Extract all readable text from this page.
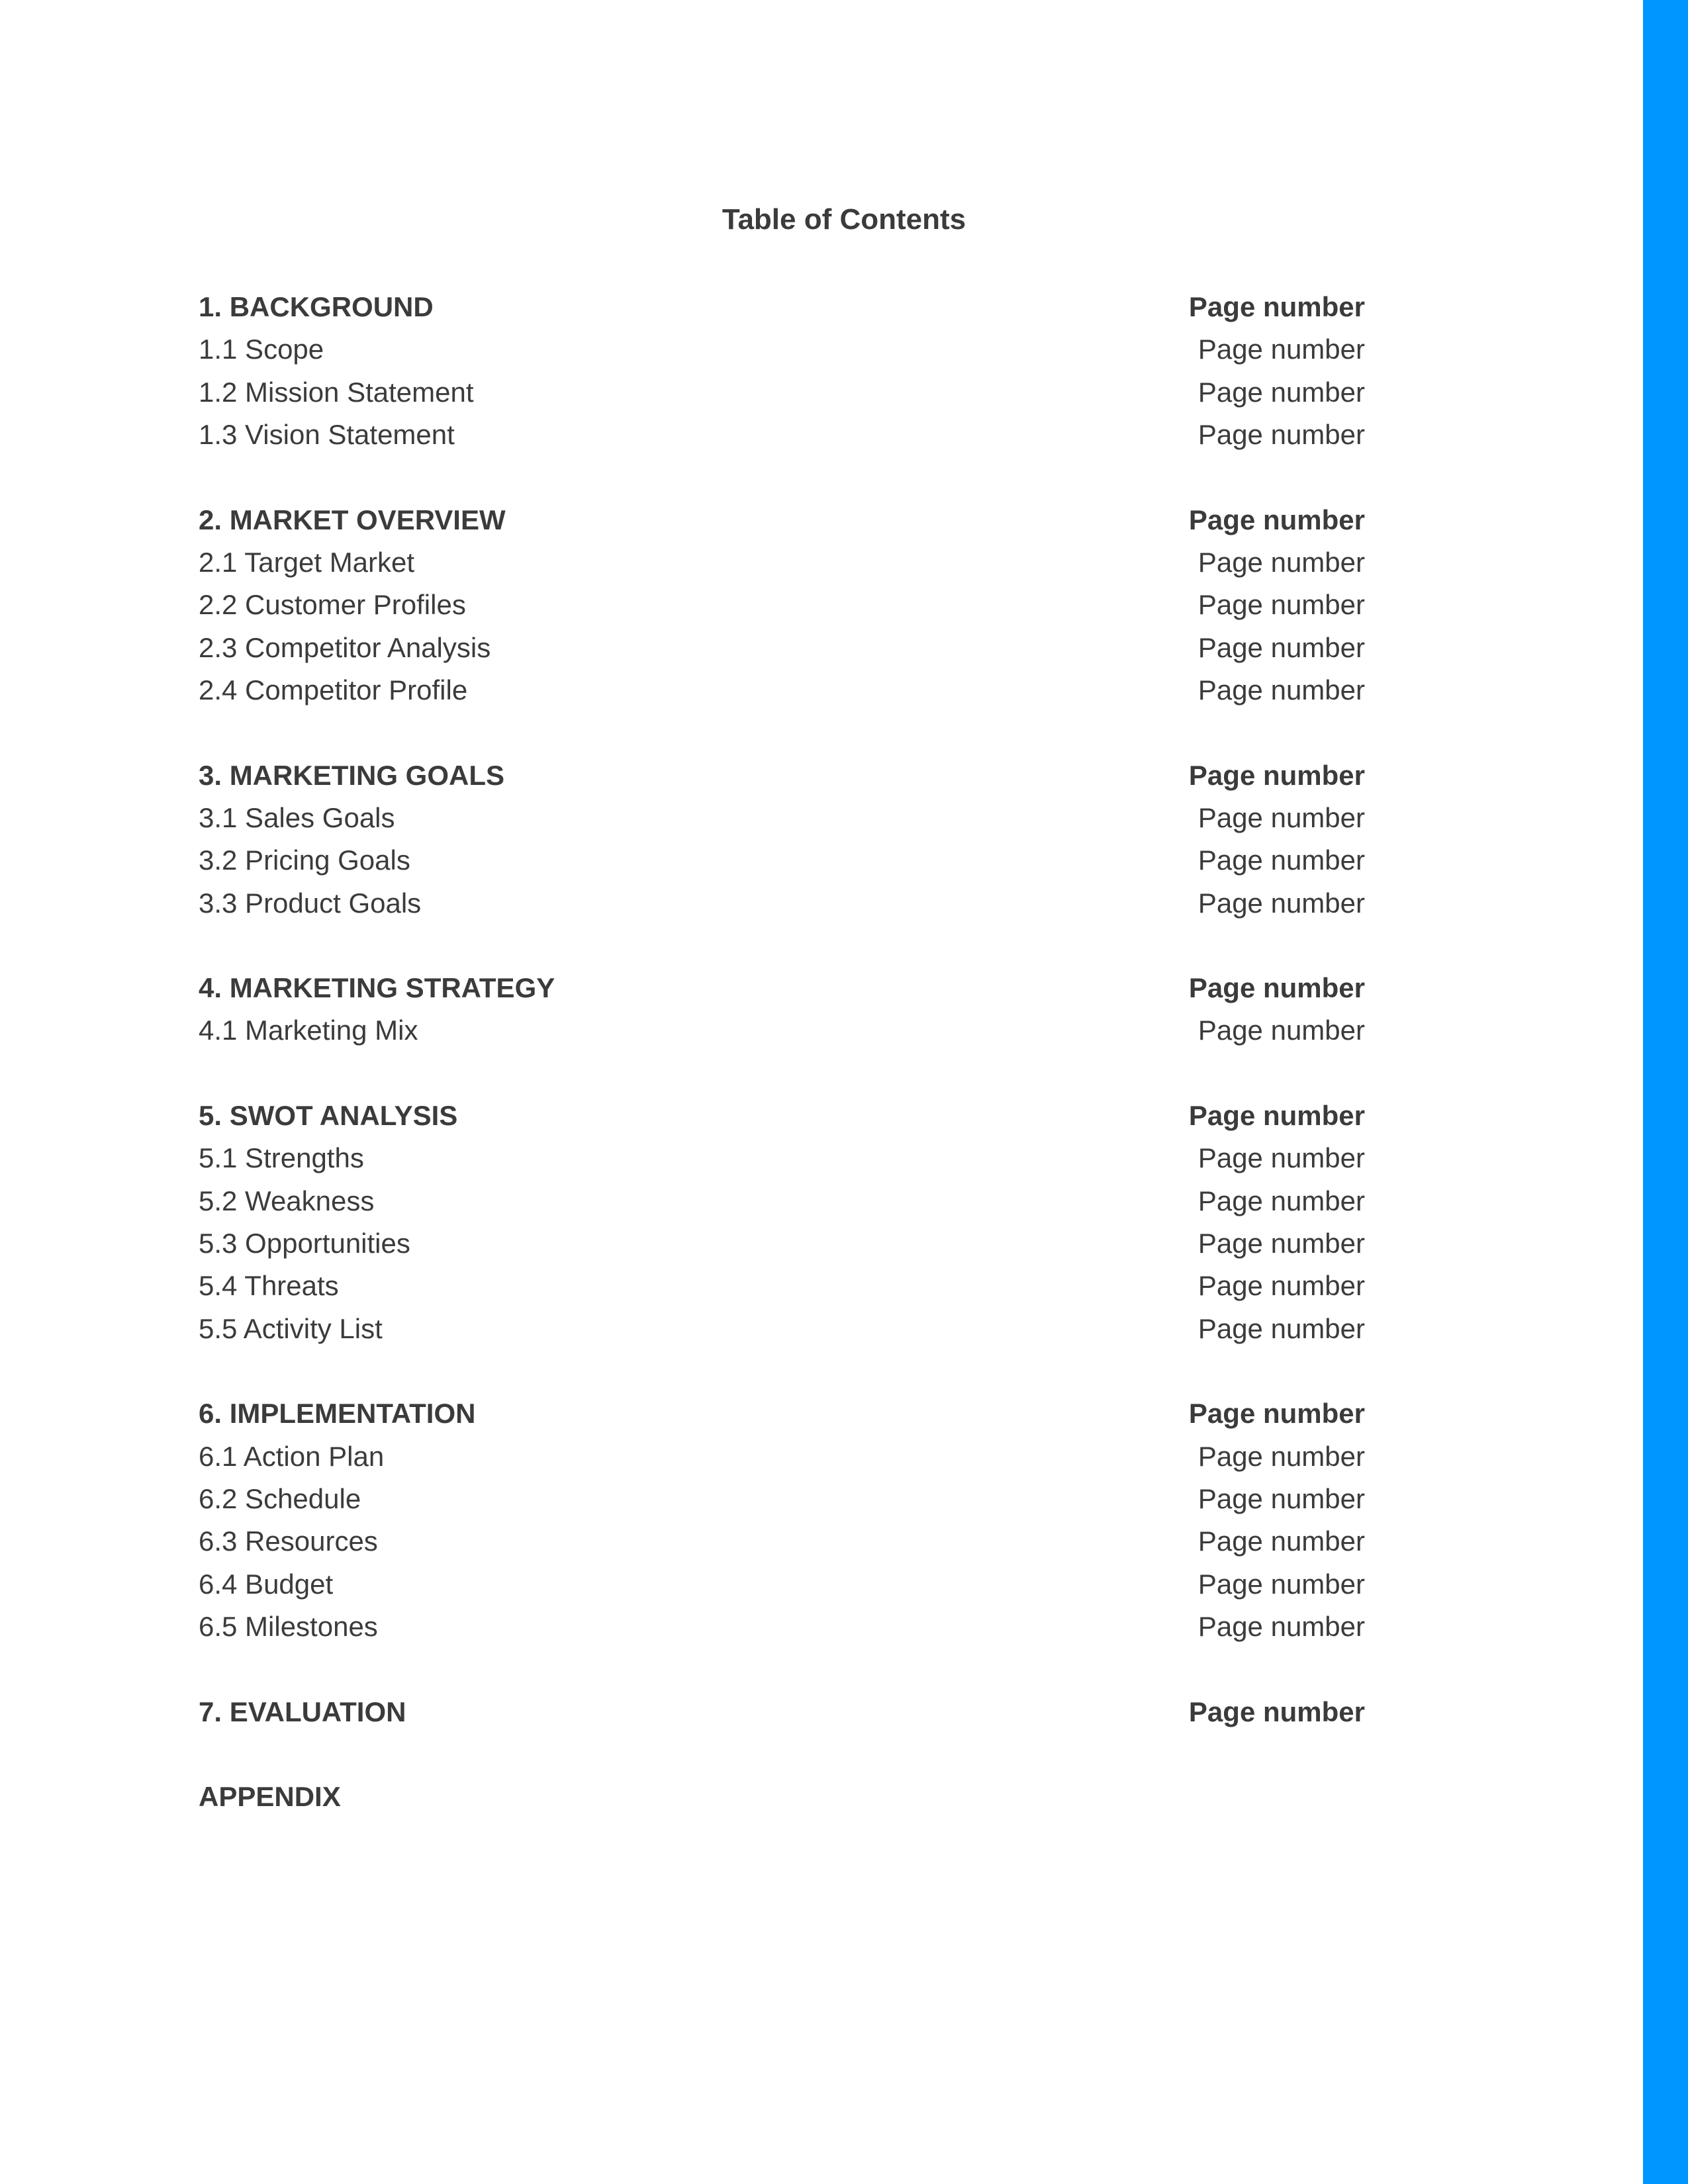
Table of Contents
1. BACKGROUND	Page number
1.1 Scope	Page number
1.2 Mission Statement	Page number
1.3 Vision Statement	Page number
2. MARKET OVERVIEW	Page number
2.1 Target Market	Page number
2.2 Customer Profiles	Page number
2.3 Competitor Analysis	Page number
2.4 Competitor Profile	Page number
3. MARKETING GOALS	Page number
3.1 Sales Goals	Page number
3.2 Pricing Goals	Page number
3.3 Product Goals	Page number
4. MARKETING STRATEGY	Page number
4.1 Marketing Mix	Page number
5. SWOT ANALYSIS	Page number
5.1 Strengths	Page number
5.2 Weakness	Page number
5.3 Opportunities	Page number
5.4 Threats	Page number
5.5 Activity List	Page number
6. IMPLEMENTATION	Page number
6.1 Action Plan	Page number
6.2 Schedule	Page number
6.3 Resources	Page number
6.4 Budget	Page number
6.5 Milestones	Page number
7. EVALUATION	Page number
APPENDIX
